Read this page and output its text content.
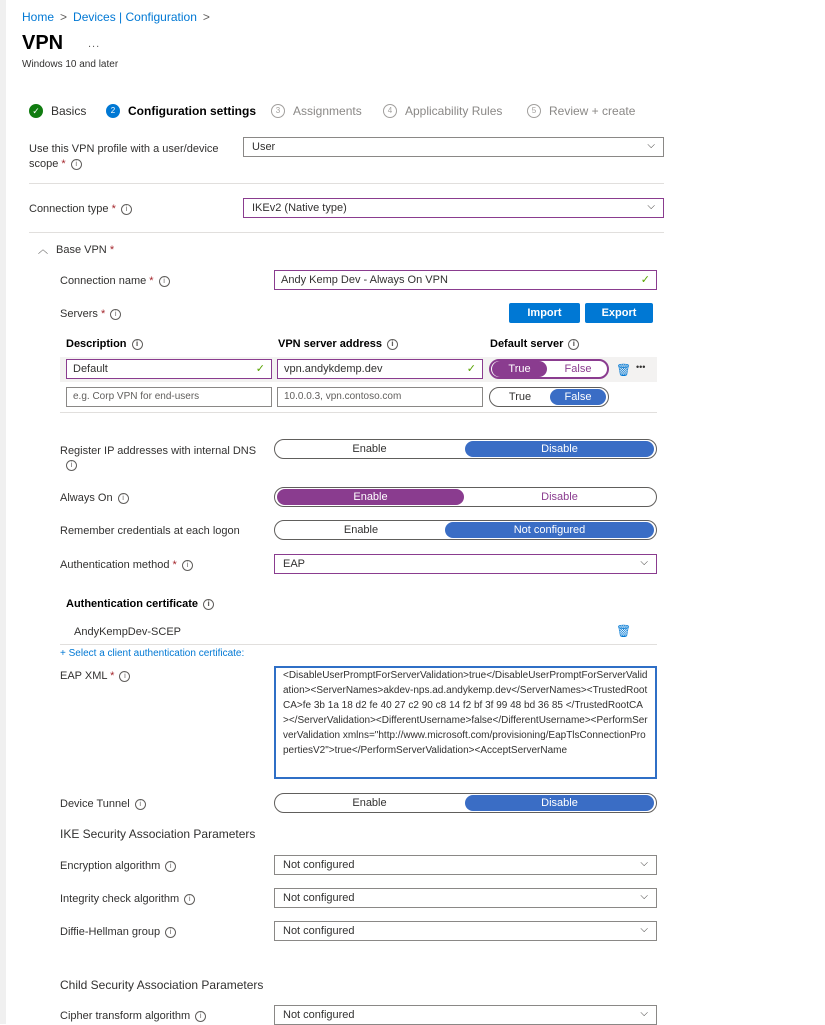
Home > Devices | Configuration >
VPN ...
Windows 10 and later
✓ Basics	2 Configuration settings	3 Assignments	4 Applicability Rules	5 Review + create
Use this VPN profile with a user/device
scope * i
User	⌵
Connection type * i	IKEv2 (Native type)	⌵
︿ Base VPN *
Connection name * i	Andy Kemp Dev - Always On VPN	✓
Servers * i	Import	Export
Description i	VPN server address i	Default server i
Default	✓	vpn.andykdemp.dev	✓	True	False	🗑 •••
e.g. Corp VPN for end-users	10.0.0.3, vpn.contoso.com	True	False
Register IP addresses with internal DNS
i
Enable	Disable
Always On i	Enable	Disable
Remember credentials at each logon	Enable	Not configured
Authentication method * i	EAP	⌵
Authentication certificate i
AndyKempDev-SCEP	🗑
+ Select a client authentication certificate:
EAP XML * i	<DisableUserPromptForServerValidation>true</DisableUserPromptForServerValidation><ServerNames>akdev-nps.ad.andykemp.dev</ServerNames><TrustedRootCA>fe 3b 1a 18 d2 fe 40 27 c2 90 c8 14 f2 bf 3f 99 48 bd 36 85 </TrustedRootCA></ServerValidation><DifferentUsername>false</DifferentUsername><PerformServerValidation xmlns="http://www.microsoft.com/provisioning/EapTlsConnectionPropertiesV2">true</PerformServerValidation><AcceptServerName
Device Tunnel i	Enable	Disable
IKE Security Association Parameters
Encryption algorithm i	Not configured	⌵
Integrity check algorithm i	Not configured	⌵
Diffie-Hellman group i	Not configured	⌵
Child Security Association Parameters
Cipher transform algorithm i	Not configured	⌵
